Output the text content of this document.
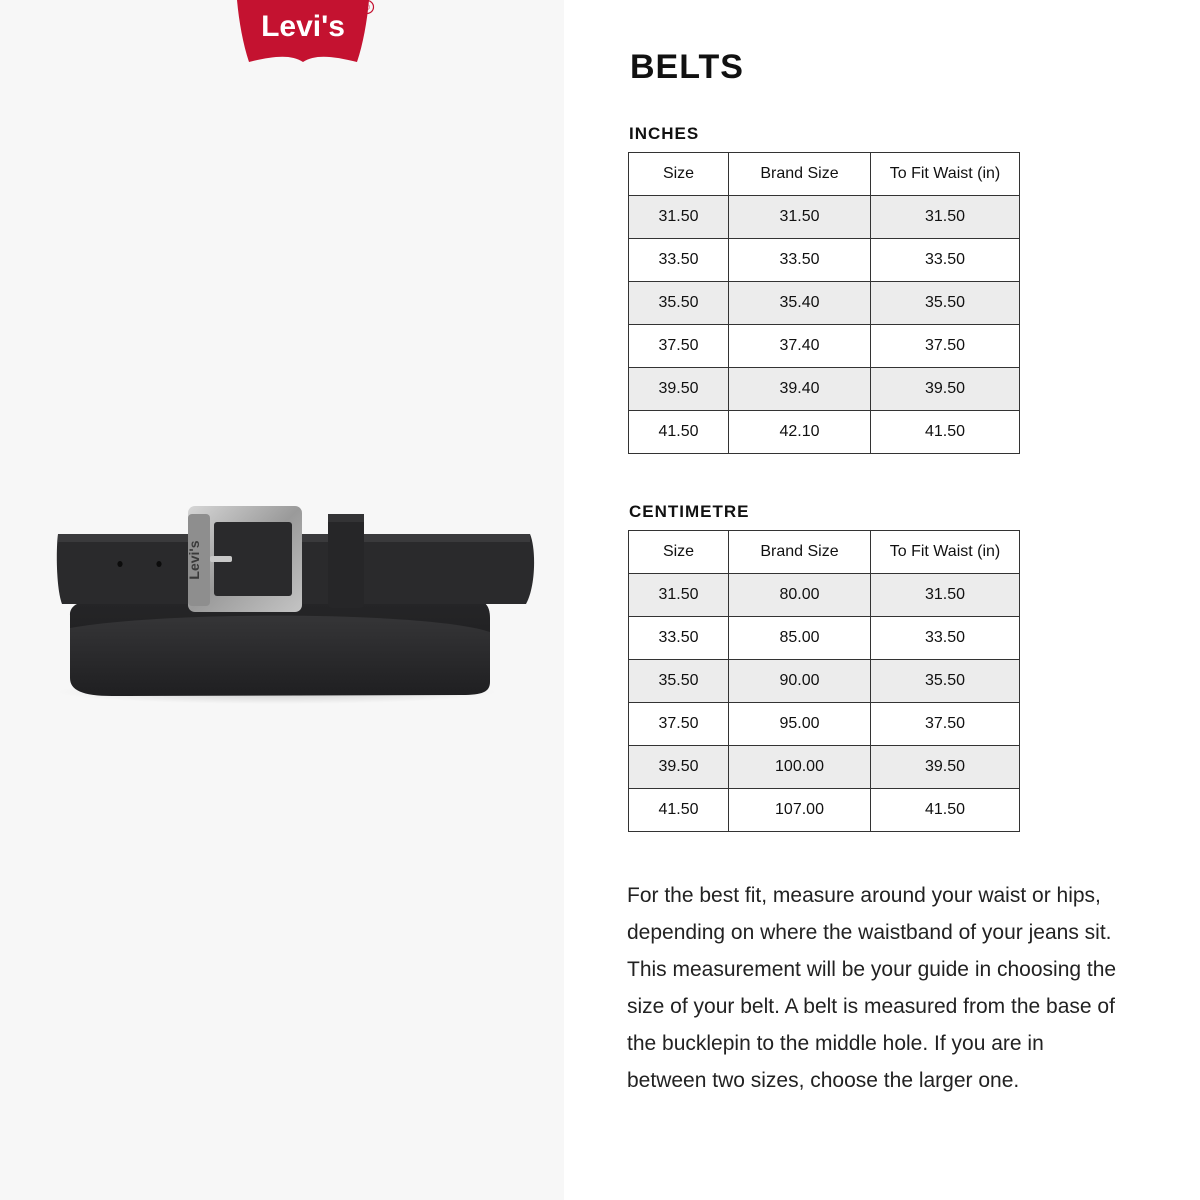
Levi's
®
Levi's
BELTS
INCHES
Size	Brand Size	To Fit Waist (in)
31.50	31.50	31.50
33.50	33.50	33.50
35.50	35.40	35.50
37.50	37.40	37.50
39.50	39.40	39.50
41.50	42.10	41.50
CENTIMETRE
Size	Brand Size	To Fit Waist (in)
31.50	80.00	31.50
33.50	85.00	33.50
35.50	90.00	35.50
37.50	95.00	37.50
39.50	100.00	39.50
41.50	107.00	41.50

For the best fit, measure around your waist or hips, depending on where the waistband of your jeans sit. This measurement will be your guide in choosing the size of your belt. A belt is measured from the base of the bucklepin to the middle hole. If you are in between two sizes, choose the larger one.
